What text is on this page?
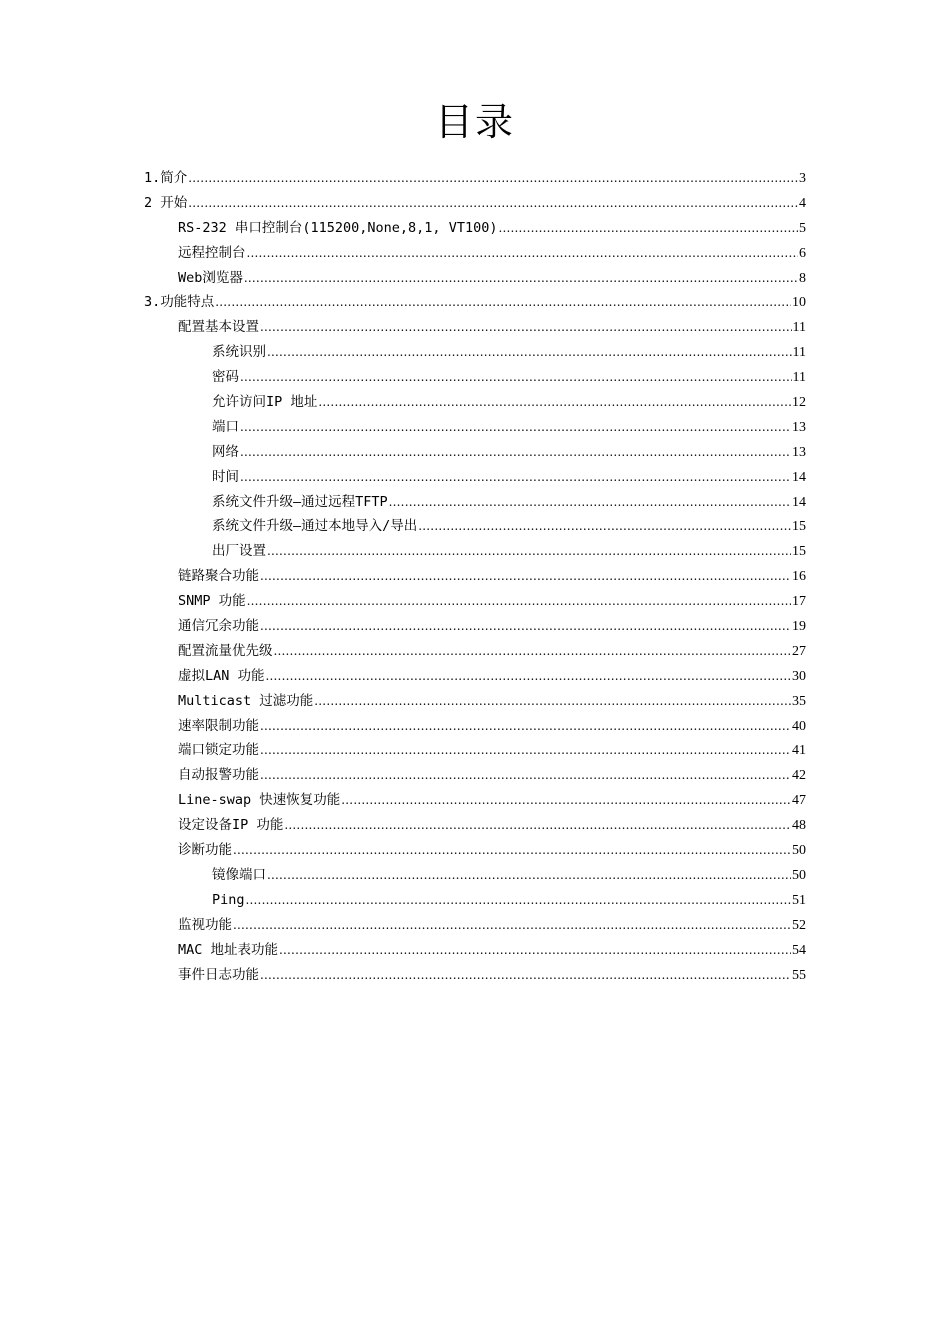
目录
1.简介 .....	3
2 开始 .....	4
RS-232 串口控制台(115200,None,8,1, VT100) .....	5
远程控制台 .....	6
Web浏览器 .....	8
3.功能特点 .....	10
配置基本设置 .....	11
系统识别 .....	11
密码 .....	11
允许访问IP 地址 .....	12
端口 .....	13
网络 .....	13
时间 .....	14
系统文件升级—通过远程TFTP .....	14
系统文件升级—通过本地导入/导出 .....	15
出厂设置 .....	15
链路聚合功能 .....	16
SNMP 功能 .....	17
通信冗余功能 .....	19
配置流量优先级 .....	27
虚拟LAN 功能 .....	30
Multicast 过滤功能 .....	35
速率限制功能 .....	40
端口锁定功能 .....	41
自动报警功能 .....	42
Line-swap 快速恢复功能 .....	47
设定设备IP 功能 .....	48
诊断功能 .....	50
镜像端口 .....	50
Ping .....	51
监视功能 .....	52
MAC 地址表功能 .....	54
事件日志功能 .....	55
